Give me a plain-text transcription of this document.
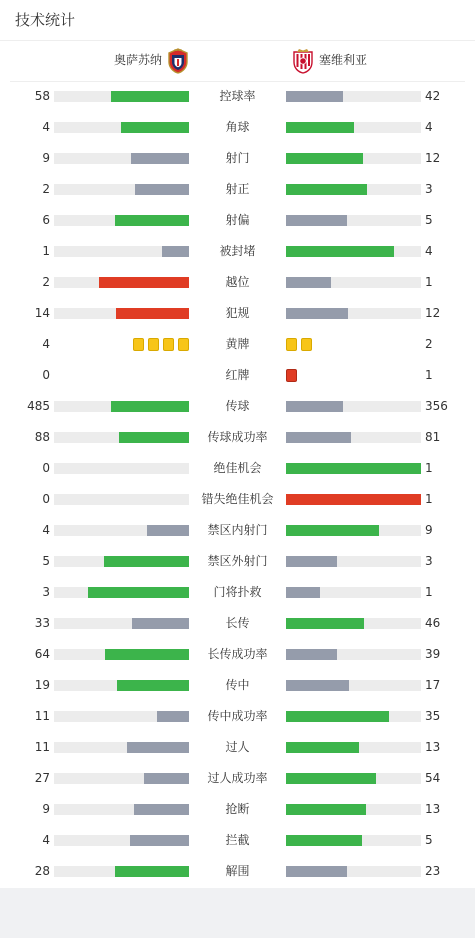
技术统计
奥萨苏纳	塞维利亚
58	控球率	42
4	角球	4
9	射门	12
2	射正	3
6	射偏	5
1	被封堵	4
2	越位	1
14	犯规	12
4	黄牌	2
0	红牌	1
485	传球	356
88	传球成功率	81
0	绝佳机会	1
0	错失绝佳机会	1
4	禁区内射门	9
5	禁区外射门	3
3	门将扑救	1
33	长传	46
64	长传成功率	39
19	传中	17
11	传中成功率	35
11	过人	13
27	过人成功率	54
9	抢断	13
4	拦截	5
28	解围	23
